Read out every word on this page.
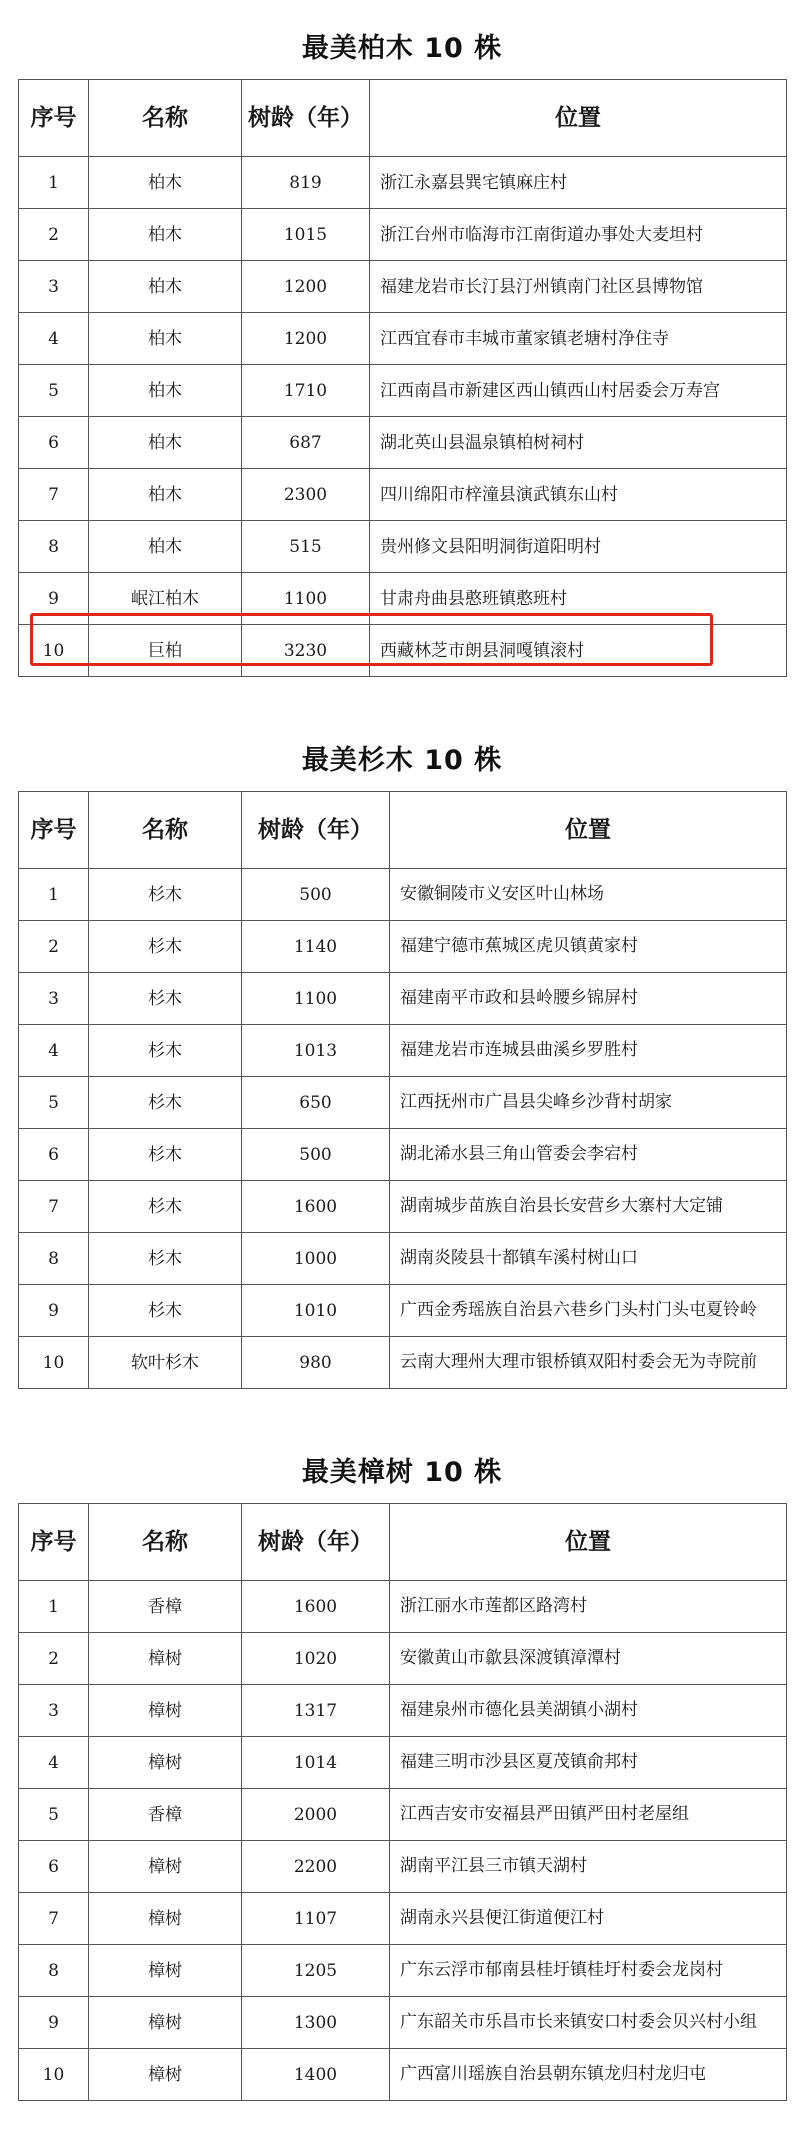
最美柏木 10 株
序号	名称	树龄（年）	位置
1	柏木	819	浙江永嘉县巽宅镇麻庄村
2	柏木	1015	浙江台州市临海市江南街道办事处大麦坦村
3	柏木	1200	福建龙岩市长汀县汀州镇南门社区县博物馆
4	柏木	1200	江西宜春市丰城市董家镇老塘村净住寺
5	柏木	1710	江西南昌市新建区西山镇西山村居委会万寿宫
6	柏木	687	湖北英山县温泉镇柏树祠村
7	柏木	2300	四川绵阳市梓潼县演武镇东山村
8	柏木	515	贵州修文县阳明洞街道阳明村
9	岷江柏木	1100	甘肃舟曲县憨班镇憨班村
10	巨柏	3230	西藏林芝市朗县洞嘎镇滚村
最美杉木 10 株
序号	名称	树龄（年）	位置
1	杉木	500	安徽铜陵市义安区叶山林场
2	杉木	1140	福建宁德市蕉城区虎贝镇黄家村
3	杉木	1100	福建南平市政和县岭腰乡锦屏村
4	杉木	1013	福建龙岩市连城县曲溪乡罗胜村
5	杉木	650	江西抚州市广昌县尖峰乡沙背村胡家
6	杉木	500	湖北浠水县三角山管委会李宕村
7	杉木	1600	湖南城步苗族自治县长安营乡大寨村大定铺
8	杉木	1000	湖南炎陵县十都镇车溪村树山口
9	杉木	1010	广西金秀瑶族自治县六巷乡门头村门头屯夏铃岭
10	软叶杉木	980	云南大理州大理市银桥镇双阳村委会无为寺院前
最美樟树 10 株
序号	名称	树龄（年）	位置
1	香樟	1600	浙江丽水市莲都区路湾村
2	樟树	1020	安徽黄山市歙县深渡镇漳潭村
3	樟树	1317	福建泉州市德化县美湖镇小湖村
4	樟树	1014	福建三明市沙县区夏茂镇俞邦村
5	香樟	2000	江西吉安市安福县严田镇严田村老屋组
6	樟树	2200	湖南平江县三市镇天湖村
7	樟树	1107	湖南永兴县便江街道便江村
8	樟树	1205	广东云浮市郁南县桂圩镇桂圩村委会龙岗村
9	樟树	1300	广东韶关市乐昌市长来镇安口村委会贝兴村小组
10	樟树	1400	广西富川瑶族自治县朝东镇龙归村龙归屯
